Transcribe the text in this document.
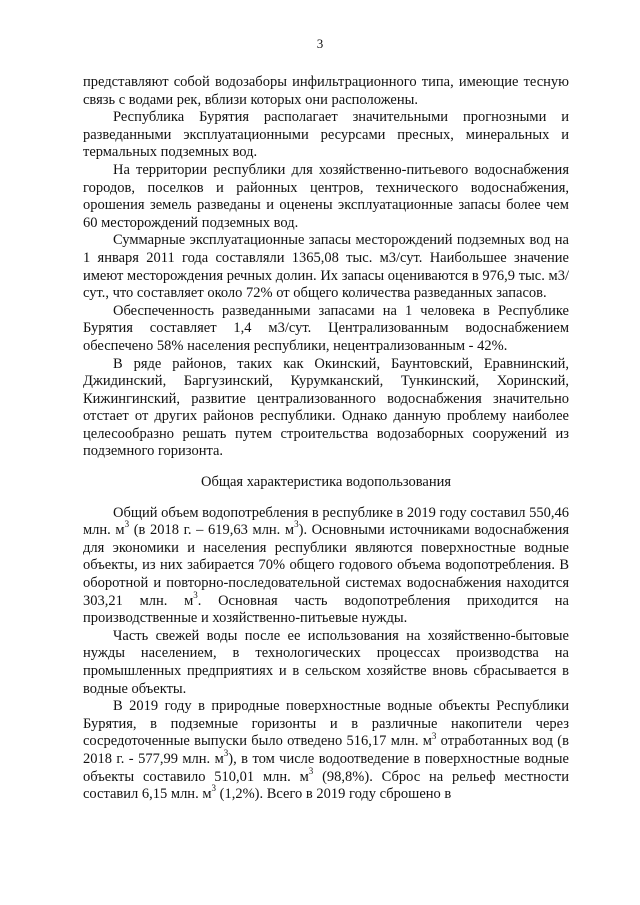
3

представляют собой водозаборы инфильтрационного типа, имеющие тесную связь с водами рек, вблизи которых они расположены.

Республика Бурятия располагает значительными прогнозными и разведанными эксплуатационными ресурсами пресных, минеральных и термальных подземных вод.

На территории республики для хозяйственно-питьевого водоснабжения городов, поселков и районных центров, технического водоснабжения, орошения земель разведаны и оценены эксплуатационные запасы более чем 60 месторождений подземных вод.

Суммарные эксплуатационные запасы месторождений подземных вод на 1 января 2011 года составляли 1365,08 тыс. м3/сут. Наибольшее значение имеют месторождения речных долин. Их запасы оцениваются в 976,9 тыс. м3/сут., что составляет около 72% от общего количества разведанных запасов.

Обеспеченность разведанными запасами на 1 человека в Республике Бурятия составляет 1,4 м3/сут. Централизованным водоснабжением обеспечено 58% населения республики, нецентрализованным - 42%.

В ряде районов, таких как Окинский, Баунтовский, Еравнинский, Джидинский, Баргузинский, Курумканский, Тункинский, Хоринский, Кижингинский, развитие централизованного водоснабжения значительно отстает от других районов республики. Однако данную проблему наиболее целесообразно решать путем строительства водозаборных сооружений из подземного горизонта.

Общая характеристика водопользования

Общий объем водопотребления в республике в 2019 году составил 550,46 млн. $м^3$ (в 2018 г. – 619,63 млн. $м^3$). Основными источниками водоснабжения для экономики и населения республики являются поверхностные водные объекты, из них забирается 70% общего годового объема водопотребления. В оборотной и повторно-последовательной системах водоснабжения находится 303,21 млн. $м^3$. Основная часть водопотребления приходится на производственные и хозяйственно-питьевые нужды.

Часть свежей воды после ее использования на хозяйственно-бытовые нужды населением, в технологических процессах производства на промышленных предприятиях и в сельском хозяйстве вновь сбрасывается в водные объекты.

В 2019 году в природные поверхностные водные объекты Республики Бурятия, в подземные горизонты и в различные накопители через сосредоточенные выпуски было отведено 516,17 млн. $м^3$ отработанных вод (в 2018 г. - 577,99 млн. $м^3$), в том числе водоотведение в поверхностные водные объекты составило 510,01 млн. $м^3$ (98,8%). Сброс на рельеф местности составил 6,15 млн. $м^3$ (1,2%). Всего в 2019 году сброшено в
